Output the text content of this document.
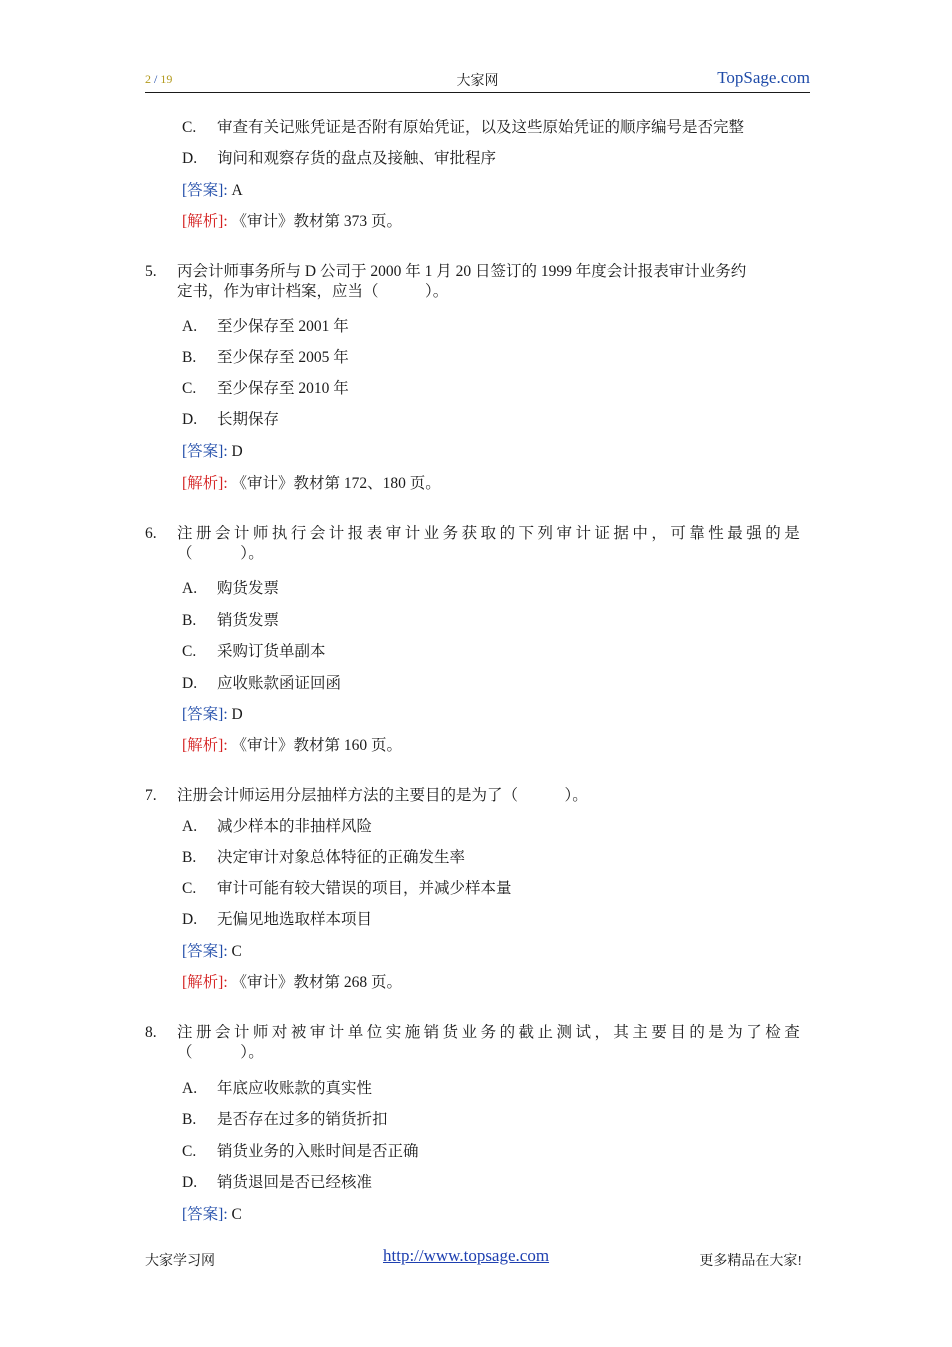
2 / 19	大家网	TopSage.com
C. 审查有关记账凭证是否附有原始凭证，以及这些原始凭证的顺序编号是否完整
D. 询问和观察存货的盘点及接触、审批程序
[答案]: A
[解析]: 《审计》教材第 373 页。
5. 丙会计师事务所与 D 公司于 2000 年 1 月 20 日签订的 1999 年度会计报表审计业务约
定书，作为审计档案，应当（　　　）。
A. 至少保存至 2001 年
B. 至少保存至 2005 年
C. 至少保存至 2010 年
D. 长期保存
[答案]: D
[解析]: 《审计》教材第 172、180 页。
6. 注册会计师执行会计报表审计业务获取的下列审计证据中，可靠性最强的是
（　　　）。
A. 购货发票
B. 销货发票
C. 采购订货单副本
D. 应收账款函证回函
[答案]: D
[解析]: 《审计》教材第 160 页。
7. 注册会计师运用分层抽样方法的主要目的是为了（　　　）。
A. 减少样本的非抽样风险
B. 决定审计对象总体特征的正确发生率
C. 审计可能有较大错误的项目，并减少样本量
D. 无偏见地选取样本项目
[答案]: C
[解析]: 《审计》教材第 268 页。
8. 注册会计师对被审计单位实施销货业务的截止测试，其主要目的是为了检查
（　　　）。
A. 年底应收账款的真实性
B. 是否存在过多的销货折扣
C. 销货业务的入账时间是否正确
D. 销货退回是否已经核准
[答案]: C
大家学习网	http://www.topsage.com	更多精品在大家!
